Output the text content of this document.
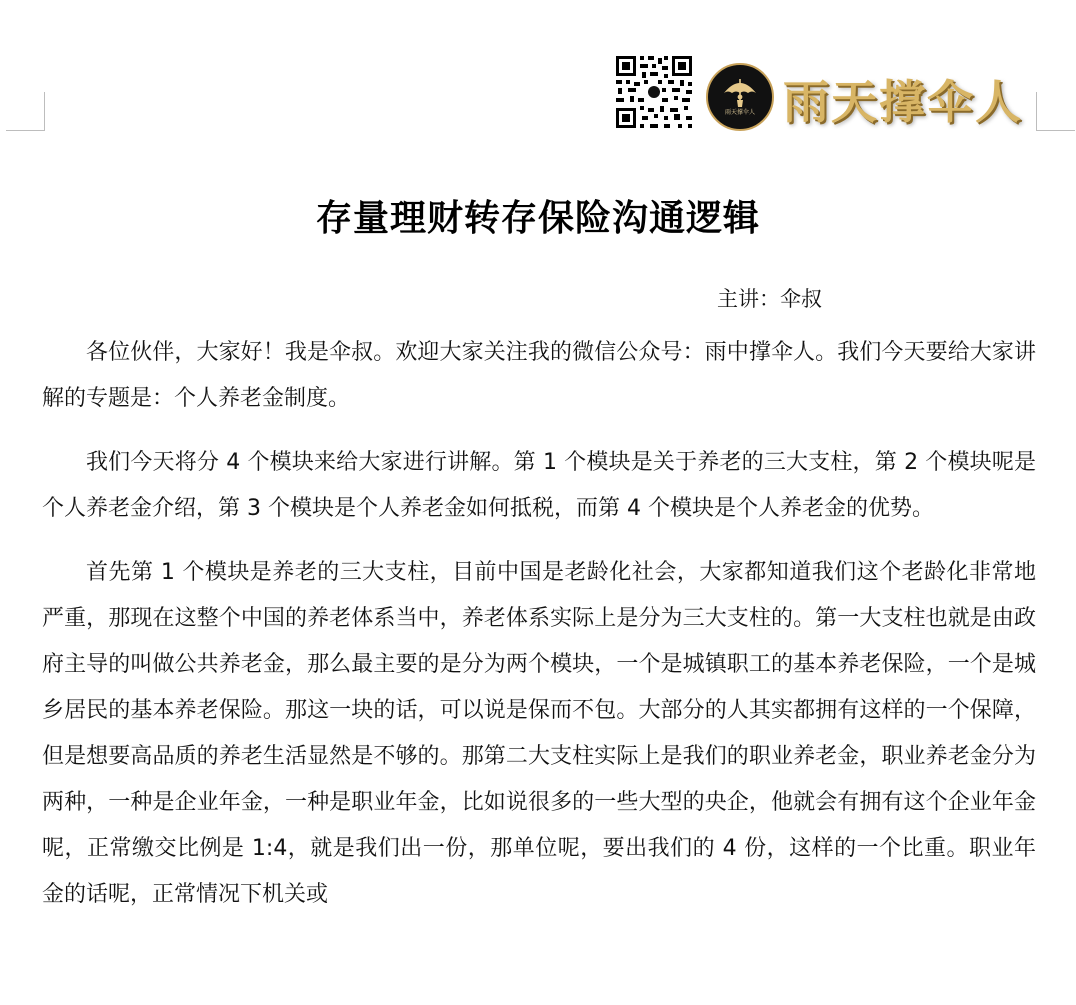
雨天撑伞人 雨天撑伞人
存量理财转存保险沟通逻辑
主讲：伞叔

各位伙伴，大家好！我是伞叔。欢迎大家关注我的微信公众号：雨中撑伞人。我们今天要给大家讲解的专题是：个人养老金制度。

我们今天将分 4 个模块来给大家进行讲解。第 1 个模块是关于养老的三大支柱，第 2 个模块呢是个人养老金介绍，第 3 个模块是个人养老金如何抵税，而第 4 个模块是个人养老金的优势。

首先第 1 个模块是养老的三大支柱，目前中国是老龄化社会，大家都知道我们这个老龄化非常地严重，那现在这整个中国的养老体系当中，养老体系实际上是分为三大支柱的。第一大支柱也就是由政府主导的叫做公共养老金，那么最主要的是分为两个模块，一个是城镇职工的基本养老保险，一个是城乡居民的基本养老保险。那这一块的话，可以说是保而不包。大部分的人其实都拥有这样的一个保障，但是想要高品质的养老生活显然是不够的。那第二大支柱实际上是我们的职业养老金，职业养老金分为两种，一种是企业年金，一种是职业年金，比如说很多的一些大型的央企，他就会有拥有这个企业年金呢，正常缴交比例是 1:4，就是我们出一份，那单位呢，要出我们的 4 份，这样的一个比重。职业年金的话呢，正常情况下机关或
